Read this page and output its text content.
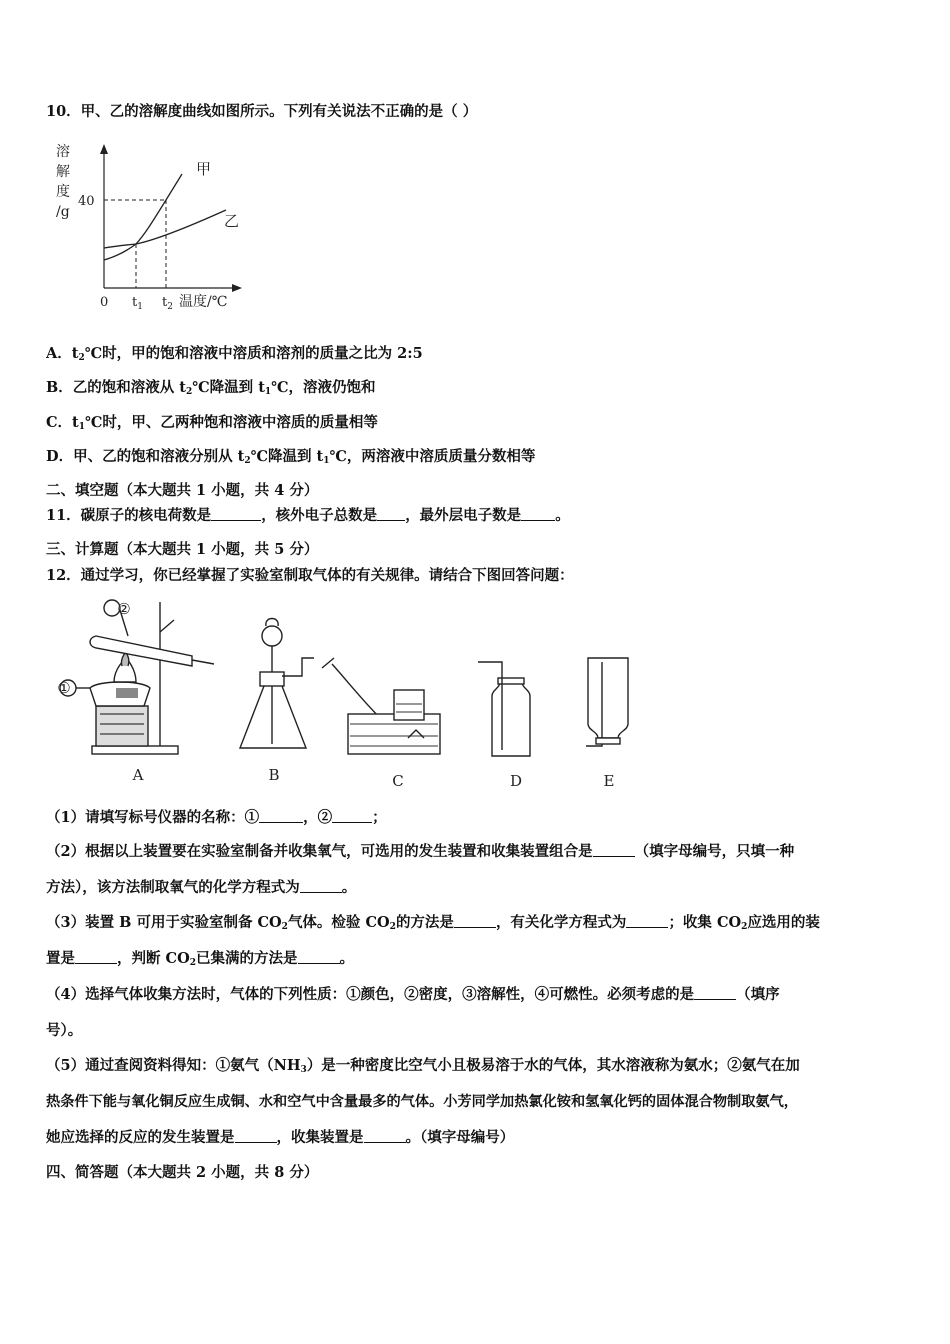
10．甲、乙的溶解度曲线如图所示。下列有关说法不正确的是（ ）
溶
解
度
/g
40
甲
乙
0 $t_1$ $t_2$ 温度/℃
A．$t_2℃$时，甲的饱和溶液中溶质和溶剂的质量之比为 2:5
B．乙的饱和溶液从 $t_2℃$降温到 $t_1℃$，溶液仍饱和
C．$t_1℃$时，甲、乙两种饱和溶液中溶质的质量相等
D．甲、乙的饱和溶液分别从 $t_2℃$降温到 $t_1℃$，两溶液中溶质质量分数相等
二、填空题（本大题共 1 小题，共 4 分）
11．碳原子的核电荷数是	，核外电子总数是 ，最外层电子数是 。
三、计算题（本大题共 1 小题，共 5 分）
12．通过学习，你已经掌握了实验室制取气体的有关规律。请结合下图回答问题：
②
①
A	B	C	D	E
（1）请填写标号仪器的名称：①	，②	；
（2）根据以上装置要在实验室制备并收集氧气，可选用的发生装置和收集装置组合是	（填字母编号，只填一种
方法），该方法制取氧气的化学方程式为	。
（3）装置 B 可用于实验室制备 $CO_2$气体。检验 $CO_2$的方法是	，有关化学方程式为	；收集 $CO_2$应选用的装
置是	，判断 $CO_2$已集满的方法是	。
（4）选择气体收集方法时，气体的下列性质：①颜色，②密度，③溶解性，④可燃性。必须考虑的是	（填序
号）。
（5）通过查阅资料得知：①氨气$(NH_3)$是一种密度比空气小且极易溶于水的气体，其水溶液称为氨水；②氨气在加
热条件下能与氧化铜反应生成铜、水和空气中含量最多的气体。小芳同学加热氯化铵和氢氧化钙的固体混合物制取氨气，
她应选择的反应的发生装置是	，收集装置是	。（填字母编号）
四、简答题（本大题共 2 小题，共 8 分）
